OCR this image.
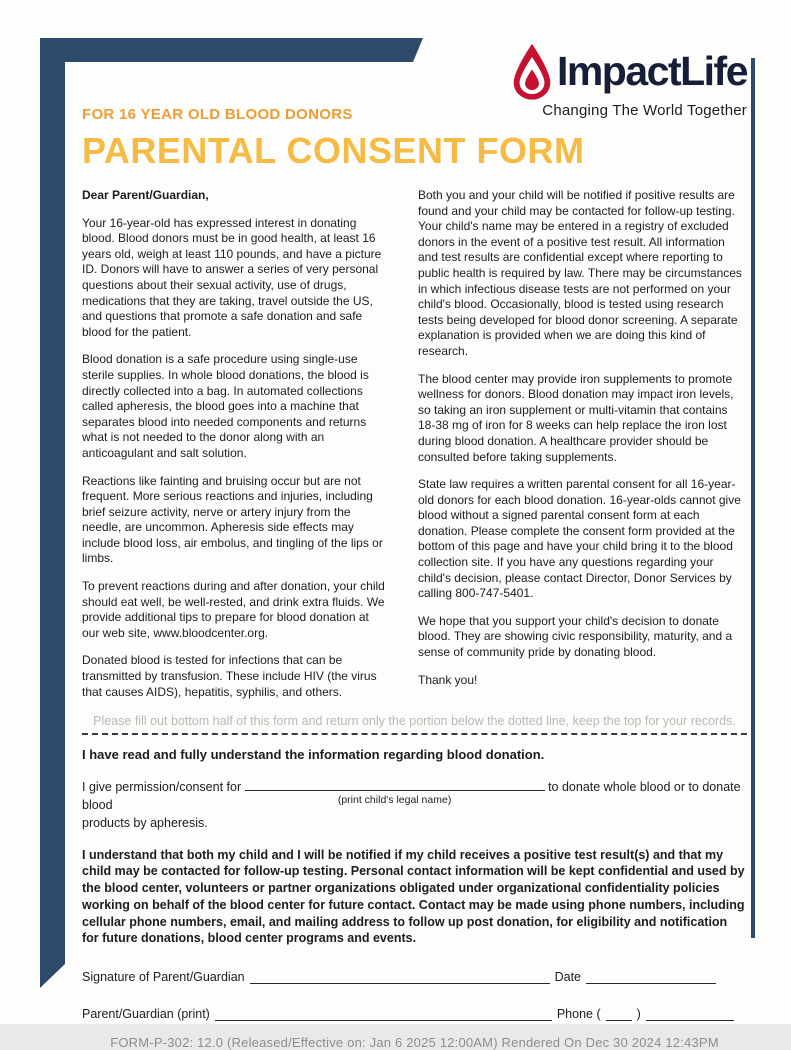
ImpactLife
Changing The World Together
FOR 16 YEAR OLD BLOOD DONORS
PARENTAL CONSENT FORM
Dear Parent/Guardian,

Your 16-year-old has expressed interest in donating blood. Blood donors must be in good health, at least 16 years old, weigh at least 110 pounds, and have a picture ID. Donors will have to answer a series of very personal questions about their sexual activity, use of drugs, medications that they are taking, travel outside the US, and questions that promote a safe donation and safe blood for the patient.

Blood donation is a safe procedure using single-use sterile supplies. In whole blood donations, the blood is directly collected into a bag. In automated collections called apheresis, the blood goes into a machine that separates blood into needed components and returns what is not needed to the donor along with an anticoagulant and salt solution.

Reactions like fainting and bruising occur but are not frequent. More serious reactions and injuries, including brief seizure activity, nerve or artery injury from the needle, are uncommon. Apheresis side effects may include blood loss, air embolus, and tingling of the lips or limbs.

To prevent reactions during and after donation, your child should eat well, be well-rested, and drink extra fluids. We provide additional tips to prepare for blood donation at our web site, www.bloodcenter.org.

Donated blood is tested for infections that can be transmitted by transfusion. These include HIV (the virus that causes AIDS), hepatitis, syphilis, and others.

Both you and your child will be notified if positive results are found and your child may be contacted for follow-up testing. Your child's name may be entered in a registry of excluded donors in the event of a positive test result. All information and test results are confidential except where reporting to public health is required by law. There may be circumstances in which infectious disease tests are not performed on your child's blood. Occasionally, blood is tested using research tests being developed for blood donor screening. A separate explanation is provided when we are doing this kind of research.

The blood center may provide iron supplements to promote wellness for donors. Blood donation may impact iron levels, so taking an iron supplement or multi-vitamin that contains 18-38 mg of iron for 8 weeks can help replace the iron lost during blood donation. A healthcare provider should be consulted before taking supplements.

State law requires a written parental consent for all 16-year-old donors for each blood donation. 16-year-olds cannot give blood without a signed parental consent form at each donation. Please complete the consent form provided at the bottom of this page and have your child bring it to the blood collection site. If you have any questions regarding your child's decision, please contact Director, Donor Services by calling 800-747-5401.

We hope that you support your child's decision to donate blood. They are showing civic responsibility, maturity, and a sense of community pride by donating blood.

Thank you!

Please fill out bottom half of this form and return only the portion below the dotted line, keep the top for your records.
I have read and fully understand the information regarding blood donation.
I give permission/consent for
(print child's legal name)
to donate whole blood or to donate blood
products by apheresis.
I understand that both my child and I will be notified if my child receives a positive test result(s) and that my child may be contacted for follow-up testing. Personal contact information will be kept confidential and used by the blood center, volunteers or partner organizations obligated under organizational confidentiality policies working on behalf of the blood center for future contact. Contact may be made using phone numbers, including cellular phone numbers, email, and mailing address to follow up post donation, for eligibility and notification for future donations, blood center programs and events.
Signature of Parent/Guardian	Date
Parent/Guardian (print)	Phone (	)
FORM-P-302: 12.0 (Released/Effective on: Jan 6 2025 12:00AM) Rendered On Dec 30 2024 12:43PM
